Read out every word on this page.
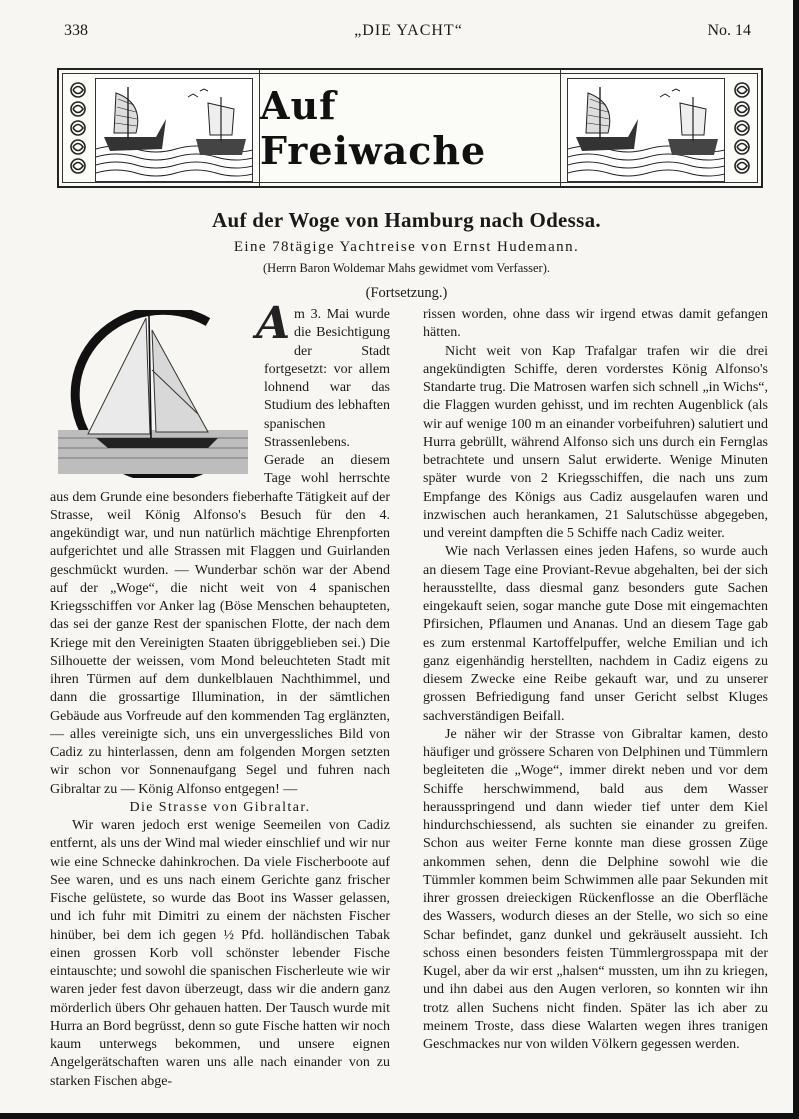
338	„DIE YACHT“	No. 14
Auf Freiwache
Auf der Woge von Hamburg nach Odessa.
Eine 78tägige Yachtreise von Ernst Hudemann.
(Herrn Baron Woldemar Mahs gewidmet vom Verfasser).
(Fortsetzung.)
A m 3. Mai wurde die Besichtigung der Stadt fortgesetzt: vor allem lohnend war das Studium des lebhaften spanischen Strassenlebens. Gerade an diesem Tage wohl herrschte aus dem Grunde eine besonders fieberhafte Tätigkeit auf der Strasse, weil König Alfonso's Besuch für den 4. angekündigt war, und nun natürlich mächtige Ehrenpforten aufgerichtet und alle Strassen mit Flaggen und Guirlanden geschmückt wurden. — Wunderbar schön war der Abend auf der „Woge“, die nicht weit von 4 spanischen Kriegsschiffen vor Anker lag (Böse Menschen behaupteten, das sei der ganze Rest der spanischen Flotte, der nach dem Kriege mit den Vereinigten Staaten übriggeblieben sei.) Die Silhouette der weissen, vom Mond beleuchteten Stadt mit ihren Türmen auf dem dunkelblauen Nachthimmel, und dann die grossartige Illumination, in der sämtlichen Gebäude aus Vorfreude auf den kommenden Tag erglänzten, — alles vereinigte sich, uns ein unvergessliches Bild von Cadiz zu hinterlassen, denn am folgenden Morgen setzten wir schon vor Sonnenaufgang Segel und fuhren nach Gibraltar zu — König Alfonso entgegen! —

Die Strasse von Gibraltar.

Wir waren jedoch erst wenige Seemeilen von Cadiz entfernt, als uns der Wind mal wieder einschlief und wir nur wie eine Schnecke dahinkrochen. Da viele Fischerboote auf See waren, und es uns nach einem Gerichte ganz frischer Fische gelüstete, so wurde das Boot ins Wasser gelassen, und ich fuhr mit Dimitri zu einem der nächsten Fischer hinüber, bei dem ich gegen ½ Pfd. holländischen Tabak einen grossen Korb voll schönster lebender Fische eintauschte; und sowohl die spanischen Fischerleute wie wir waren jeder fest davon überzeugt, dass wir die andern ganz mörderlich übers Ohr gehauen hatten. Der Tausch wurde mit Hurra an Bord begrüsst, denn so gute Fische hatten wir noch kaum unterwegs bekommen, und unsere eignen Angelgerätschaften waren uns alle nach einander von zu starken Fischen abge-

rissen worden, ohne dass wir irgend etwas damit gefangen hätten.

Nicht weit von Kap Trafalgar trafen wir die drei angekündigten Schiffe, deren vorderstes König Alfonso's Standarte trug. Die Matrosen warfen sich schnell „in Wichs“, die Flaggen wurden gehisst, und im rechten Augenblick (als wir auf wenige 100 m an einander vorbeifuhren) salutiert und Hurra gebrüllt, während Alfonso sich uns durch ein Fernglas betrachtete und unsern Salut erwiderte. Wenige Minuten später wurde von 2 Kriegsschiffen, die nach uns zum Empfange des Königs aus Cadiz ausgelaufen waren und inzwischen auch herankamen, 21 Salutschüsse abgegeben, und vereint dampften die 5 Schiffe nach Cadiz weiter.

Wie nach Verlassen eines jeden Hafens, so wurde auch an diesem Tage eine Proviant-Revue abgehalten, bei der sich herausstellte, dass diesmal ganz besonders gute Sachen eingekauft seien, sogar manche gute Dose mit eingemachten Pfirsichen, Pflaumen und Ananas. Und an diesem Tage gab es zum erstenmal Kartoffelpuffer, welche Emilian und ich ganz eigenhändig herstellten, nachdem in Cadiz eigens zu diesem Zwecke eine Reibe gekauft war, und zu unserer grossen Befriedigung fand unser Gericht selbst Kluges sachverständigen Beifall.

Je näher wir der Strasse von Gibraltar kamen, desto häufiger und grössere Scharen von Delphinen und Tümmlern begleiteten die „Woge“, immer direkt neben und vor dem Schiffe herschwimmend, bald aus dem Wasser herausspringend und dann wieder tief unter dem Kiel hindurchschiessend, als suchten sie einander zu greifen. Schon aus weiter Ferne konnte man diese grossen Züge ankommen sehen, denn die Delphine sowohl wie die Tümmler kommen beim Schwimmen alle paar Sekunden mit ihrer grossen dreieckigen Rückenflosse an die Oberfläche des Wassers, wodurch dieses an der Stelle, wo sich so eine Schar befindet, ganz dunkel und gekräuselt aussieht. Ich schoss einen besonders feisten Tümmlergrosspapa mit der Kugel, aber da wir erst „halsen“ mussten, um ihn zu kriegen, und ihn dabei aus den Augen verloren, so konnten wir ihn trotz allen Suchens nicht finden. Später las ich aber zu meinem Troste, dass diese Walarten wegen ihres tranigen Geschmackes nur von wilden Völkern gegessen werden.
